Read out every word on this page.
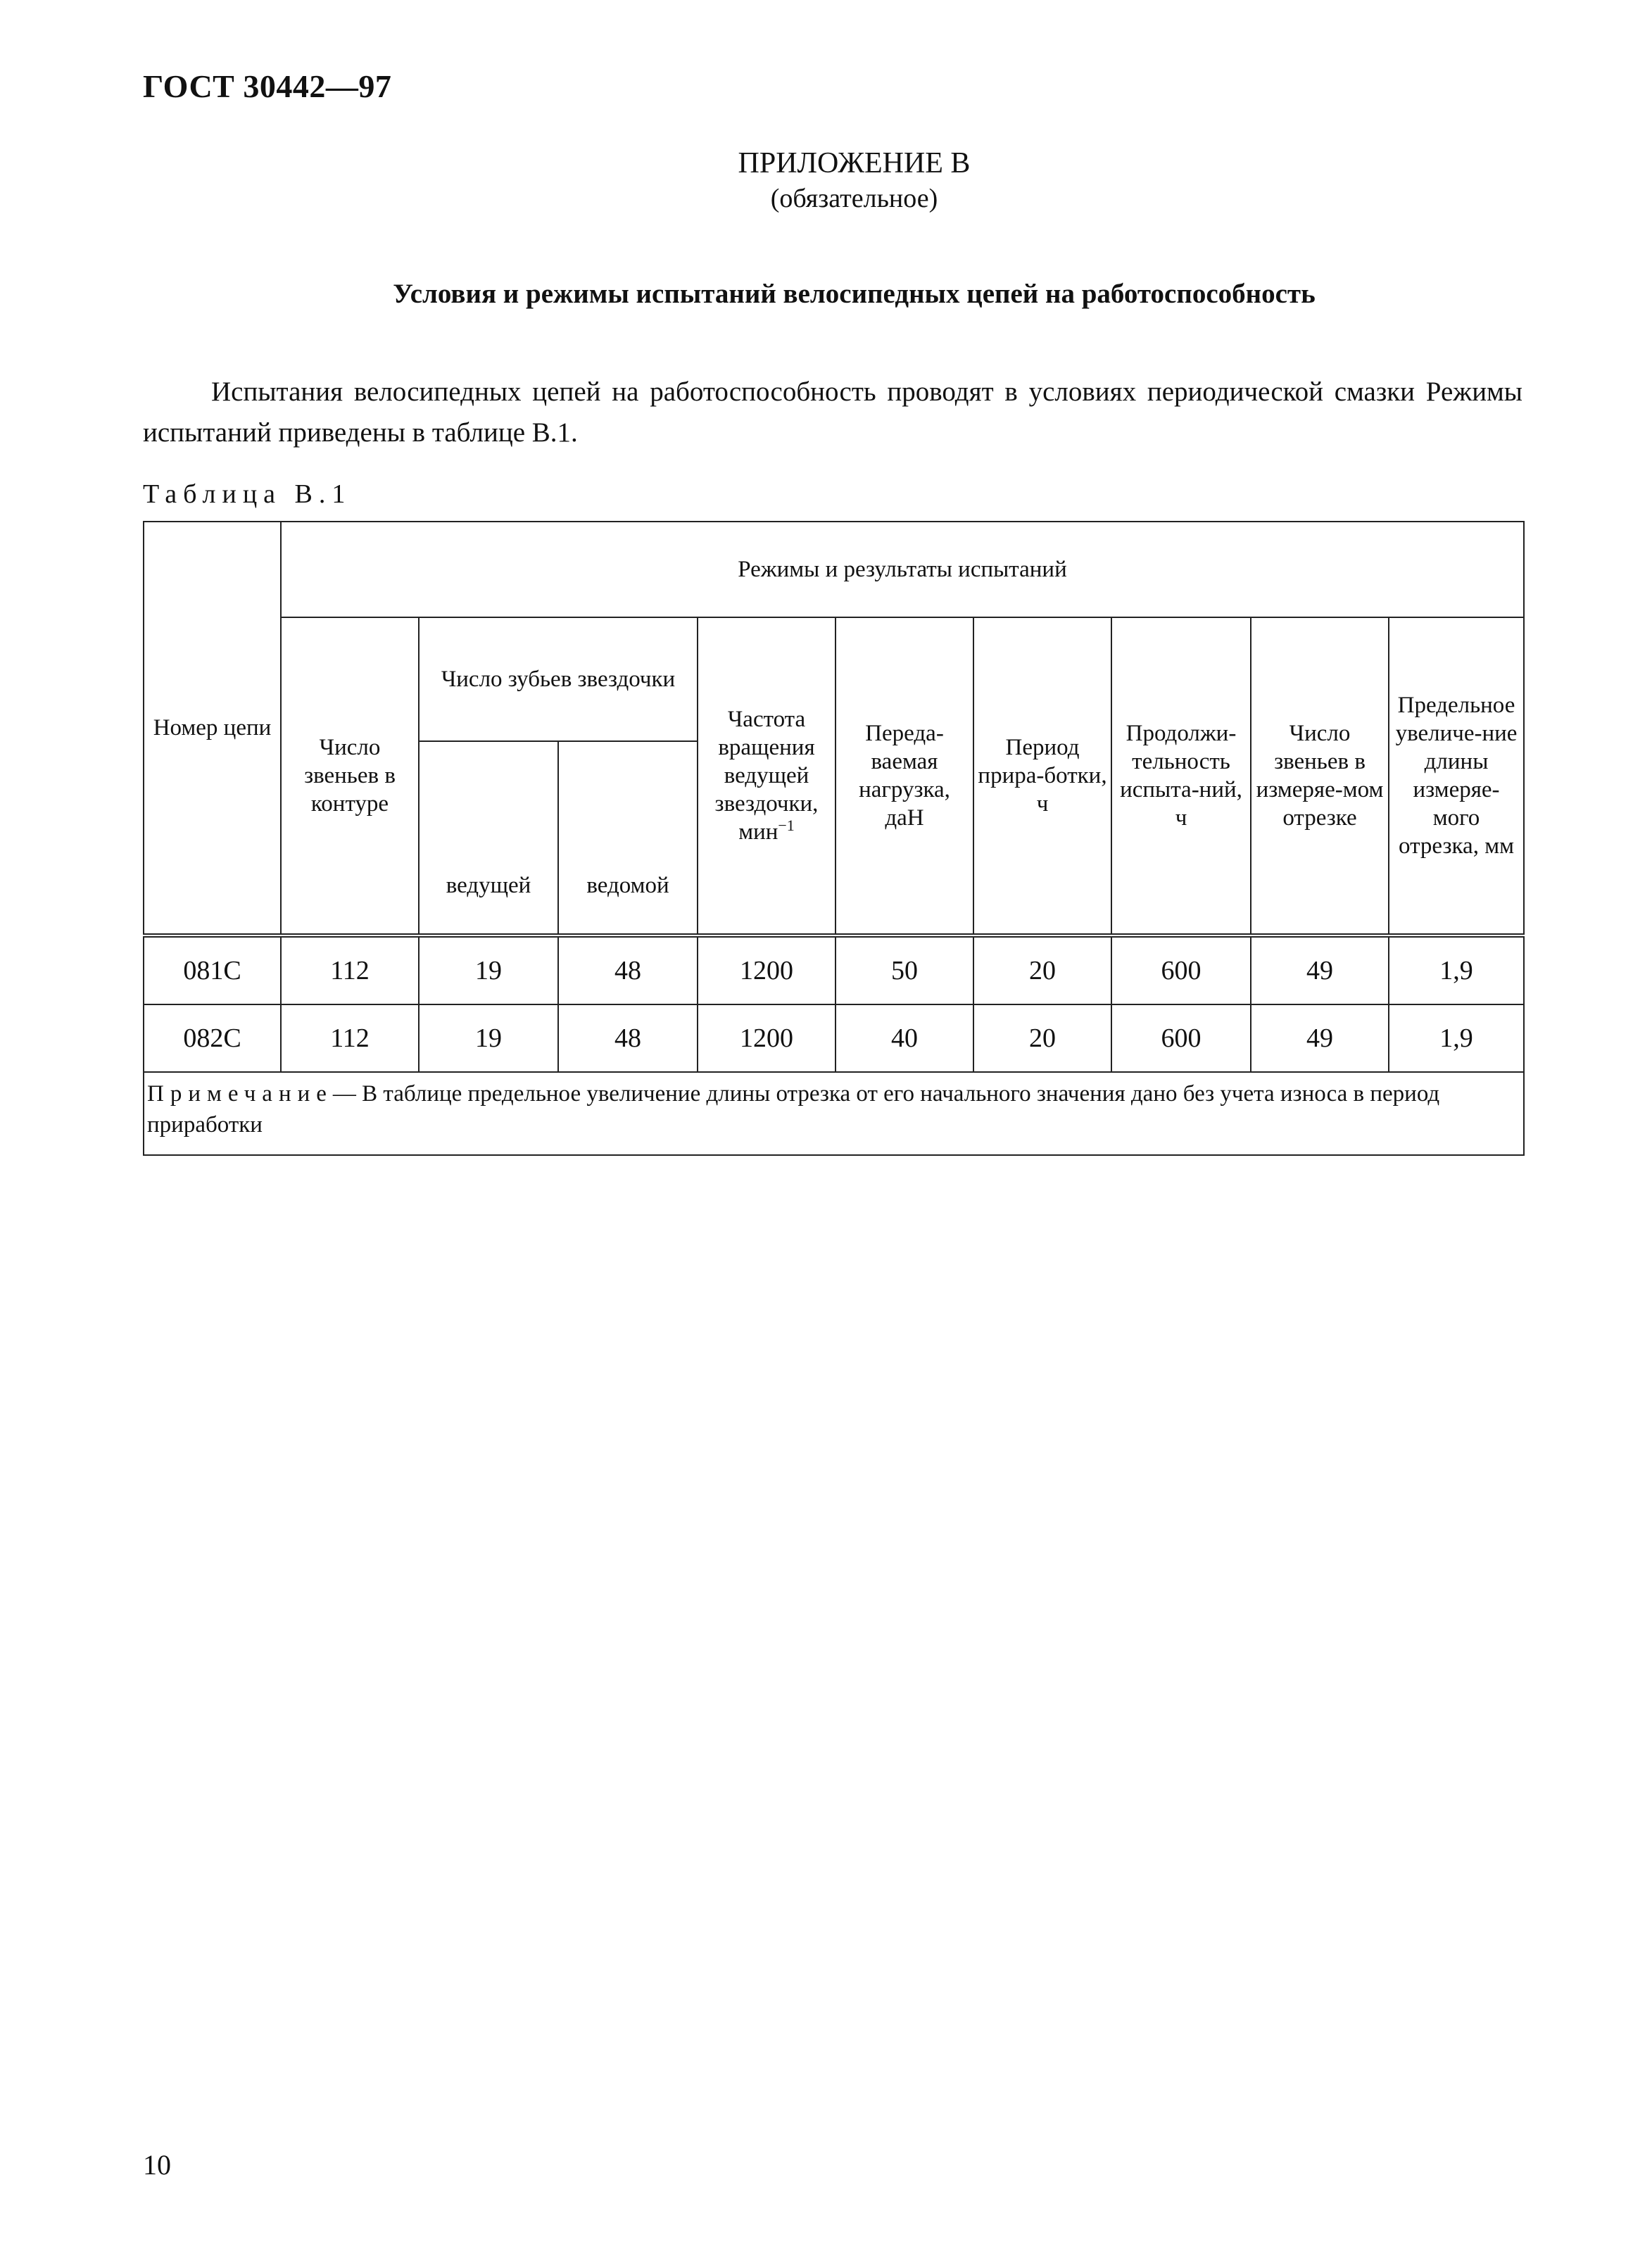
ГОСТ 30442—97
ПРИЛОЖЕНИЕ В
(обязательное)
Условия и режимы испытаний велосипедных цепей на работоспособность
Испытания велосипедных цепей на работоспособность проводят в условиях периодической смазки Режимы испытаний приведены в таблице В.1.
Таблица В.1
Номер цепи	Режимы и результаты испытаний								
	Число звеньев в контуре	Число зубьев звездочки		Частота вращения ведущей звездочки, мин$^{-1}$	Переда-ваемая нагрузка, даН	Период прира-ботки, ч	Продолжи-тельность испыта-ний, ч	Число звеньев в измеряе-мом отрезке	Предельное увеличе-ние длины измеряе-мого отрезка, мм
		ведущей	ведомой						
081С	112	19	48	1200	50	20	600	49	1,9
082С	112	19	48	1200	40	20	600	49	1,9
Примечание— В таблице предельное увеличение длины отрезка от его начального значения дано без учета износа в период приработки									
10
